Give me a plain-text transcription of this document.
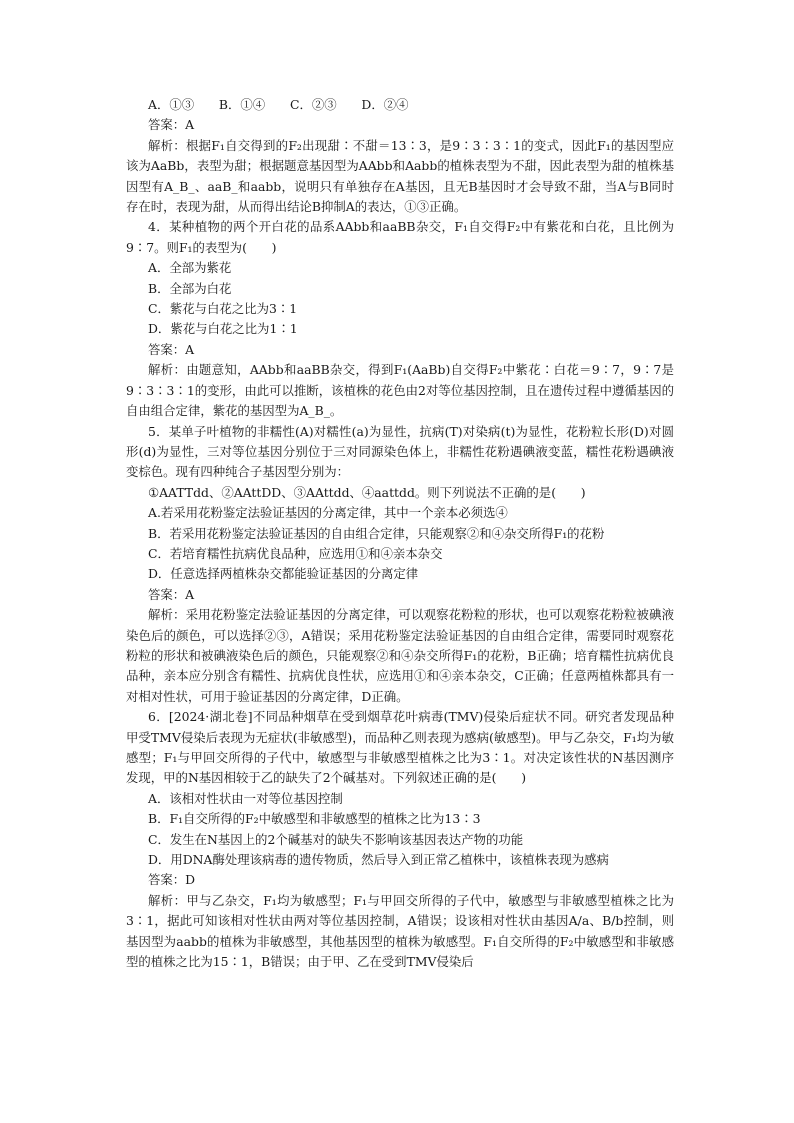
A．①③　　B．①④　　C．②③　　D．②④

答案：A

解析：根据F₁自交得到的F₂出现甜∶不甜＝13∶3，是9∶3∶3∶1的变式，因此F₁的基因型应该为AaBb，表型为甜；根据题意基因型为AAbb和Aabb的植株表型为不甜，因此表型为甜的植株基因型有A_B_、aaB_和aabb，说明只有单独存在A基因，且无B基因时才会导致不甜，当A与B同时存在时，表现为甜，从而得出结论B抑制A的表达，①③正确。

4．某种植物的两个开白花的品系AAbb和aaBB杂交，F₁自交得F₂中有紫花和白花，且比例为9∶7。则F₁的表型为(　　)

A．全部为紫花

B．全部为白花

C．紫花与白花之比为3∶1

D．紫花与白花之比为1∶1

答案：A

解析：由题意知，AAbb和aaBB杂交，得到F₁(AaBb)自交得F₂中紫花∶白花＝9∶7，9∶7是9∶3∶3∶1的变形，由此可以推断，该植株的花色由2对等位基因控制，且在遗传过程中遵循基因的自由组合定律，紫花的基因型为A_B_。

5．某单子叶植物的非糯性(A)对糯性(a)为显性，抗病(T)对染病(t)为显性，花粉粒长形(D)对圆形(d)为显性，三对等位基因分别位于三对同源染色体上，非糯性花粉遇碘液变蓝，糯性花粉遇碘液变棕色。现有四种纯合子基因型分别为：

①AATTdd、②AAttDD、③AAttdd、④aattdd。则下列说法不正确的是(　　)

A.若采用花粉鉴定法验证基因的分离定律，其中一个亲本必须选④

B．若采用花粉鉴定法验证基因的自由组合定律，只能观察②和④杂交所得F₁的花粉

C．若培育糯性抗病优良品种，应选用①和④亲本杂交

D．任意选择两植株杂交都能验证基因的分离定律

答案：A

解析：采用花粉鉴定法验证基因的分离定律，可以观察花粉粒的形状，也可以观察花粉粒被碘液染色后的颜色，可以选择②③，A错误；采用花粉鉴定法验证基因的自由组合定律，需要同时观察花粉粒的形状和被碘液染色后的颜色，只能观察②和④杂交所得F₁的花粉，B正确；培育糯性抗病优良品种，亲本应分别含有糯性、抗病优良性状，应选用①和④亲本杂交，C正确；任意两植株都具有一对相对性状，可用于验证基因的分离定律，D正确。

6．[2024·湖北卷]不同品种烟草在受到烟草花叶病毒(TMV)侵染后症状不同。研究者发现品种甲受TMV侵染后表现为无症状(非敏感型)，而品种乙则表现为感病(敏感型)。甲与乙杂交，F₁均为敏感型；F₁与甲回交所得的子代中，敏感型与非敏感型植株之比为3∶1。对决定该性状的N基因测序发现，甲的N基因相较于乙的缺失了2个碱基对。下列叙述正确的是(　　)

A．该相对性状由一对等位基因控制

B．F₁自交所得的F₂中敏感型和非敏感型的植株之比为13∶3

C．发生在N基因上的2个碱基对的缺失不影响该基因表达产物的功能

D．用DNA酶处理该病毒的遗传物质，然后导入到正常乙植株中，该植株表现为感病

答案：D

解析：甲与乙杂交，F₁均为敏感型；F₁与甲回交所得的子代中，敏感型与非敏感型植株之比为3∶1，据此可知该相对性状由两对等位基因控制，A错误；设该相对性状由基因A/a、B/b控制，则基因型为aabb的植株为非敏感型，其他基因型的植株为敏感型。F₁自交所得的F₂中敏感型和非敏感型的植株之比为15∶1，B错误；由于甲、乙在受到TMV侵染后
